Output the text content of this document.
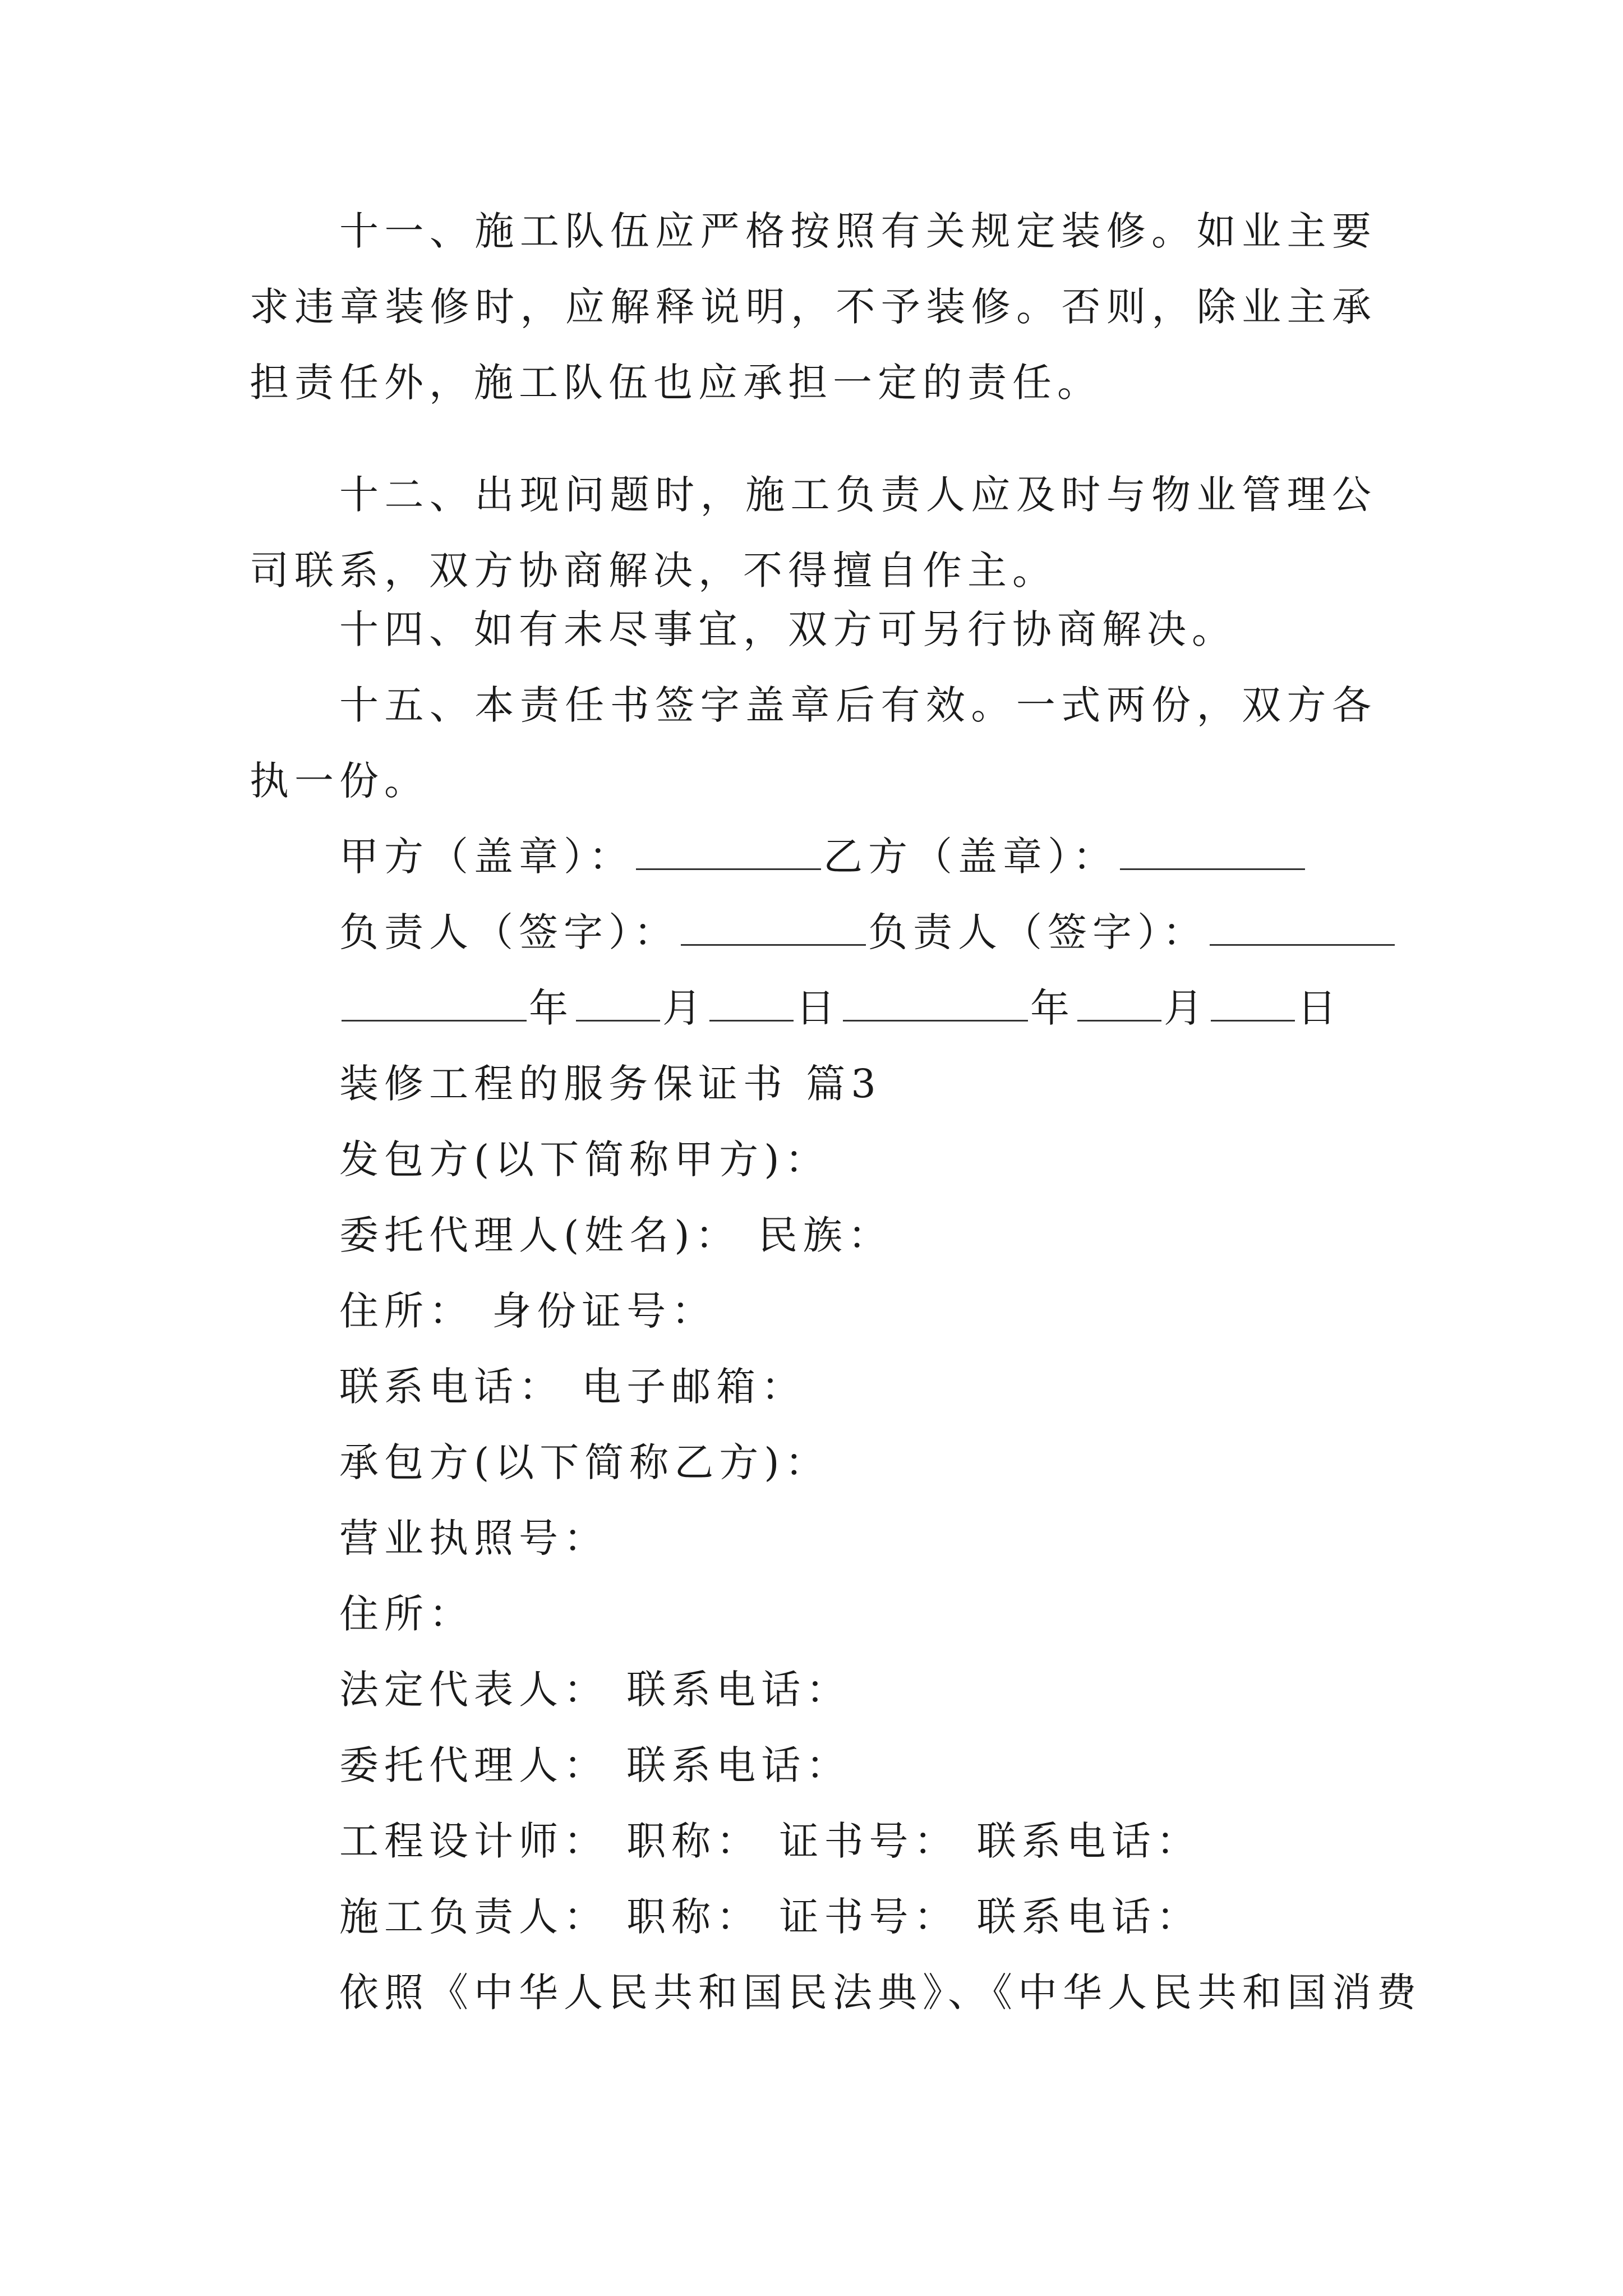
十一、施工队伍应严格按照有关规定装修。如业主要求违章装修时，应解释说明，不予装修。否则，除业主承担责任外，施工队伍也应承担一定的责任。
十二、出现问题时，施工负责人应及时与物业管理公司联系，双方协商解决，不得擅自作主。
十四、如有未尽事宜，双方可另行协商解决。
十五、本责任书签字盖章后有效。一式两份，双方各执一份。
甲方（盖章）：	乙方（盖章）：
负责人（签字）：	负责人（签字）：
年 月 日	年 月 日
装修工程的服务保证书 篇3
发包方(以下简称甲方)：
委托代理人(姓名)： 民族：
住所： 身份证号：
联系电话： 电子邮箱：
承包方(以下简称乙方)：
营业执照号：
住所：
法定代表人： 联系电话：
委托代理人： 联系电话：
工程设计师： 职称： 证书号： 联系电话：
施工负责人： 职称： 证书号： 联系电话：
依照《中华人民共和国民法典》、《中华人民共和国消费
